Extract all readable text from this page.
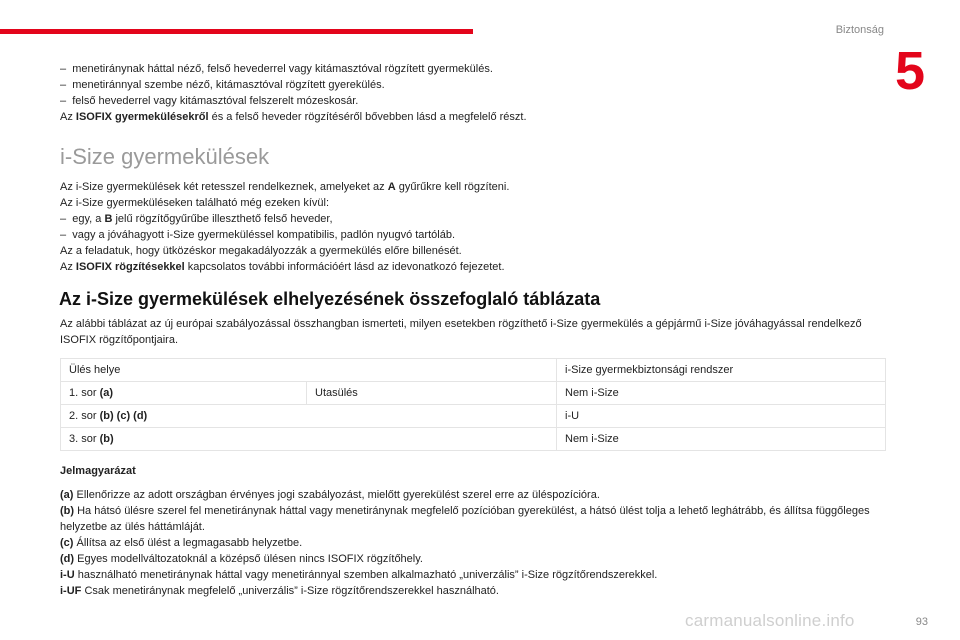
Biztonság
5

–  menetiránynak háttal néző, felső hevederrel vagy kitámasztóval rögzített gyermekülés.

–  menetiránnyal szembe néző, kitámasztóval rögzített gyerekülés.

–  felső hevederrel vagy kitámasztóval felszerelt mózeskosár.

Az ISOFIX gyermekülésekről és a felső heveder rögzítéséről bővebben lásd a megfelelő részt.

i-Size gyermekülések

Az i-Size gyermekülések két retesszel rendelkeznek, amelyeket az A gyűrűkre kell rögzíteni.

Az i-Size gyermeküléseken található még ezeken kívül:

–  egy, a B jelű rögzítőgyűrűbe illeszthető felső heveder,

–  vagy a jóváhagyott i-Size gyermeküléssel kompatibilis, padlón nyugvó tartóláb.

Az a feladatuk, hogy ütközéskor megakadályozzák a gyermekülés előre billenését.

Az ISOFIX rögzítésekkel kapcsolatos további információért lásd az idevonatkozó fejezetet.

Az i-Size gyermekülések elhelyezésének összefoglaló táblázata

Az alábbi táblázat az új európai szabályozással összhangban ismerteti, milyen esetekben rögzíthető i-Size gyermekülés a gépjármű i-Size jóváhagyással rendelkező ISOFIX rögzítőpontjaira.

Ülés helye		i-Size gyermekbiztonsági rendszer
1. sor (a)	Utasülés	Nem i-Size
2. sor (b) (c) (d)		i-U
3. sor (b)		Nem i-Size
Jelmagyarázat

(a) Ellenőrizze az adott országban érvényes jogi szabályozást, mielőtt gyerekülést szerel erre az üléspozícióra.

(b) Ha hátsó ülésre szerel fel menetiránynak háttal vagy menetiránynak megfelelő pozícióban gyerekülést, a hátsó ülést tolja a lehető leghátrább, és állítsa függőleges helyzetbe az ülés háttámláját.

(c) Állítsa az első ülést a legmagasabb helyzetbe.

(d) Egyes modellváltozatoknál a középső ülésen nincs ISOFIX rögzítőhely.

i-U használható menetiránynak háttal vagy menetiránnyal szemben alkalmazható „univerzális” i-Size rögzítőrendszerekkel.

i-UF Csak menetiránynak megfelelő „univerzális” i-Size rögzítőrendszerekkel használható.

carmanualsonline.info	93
